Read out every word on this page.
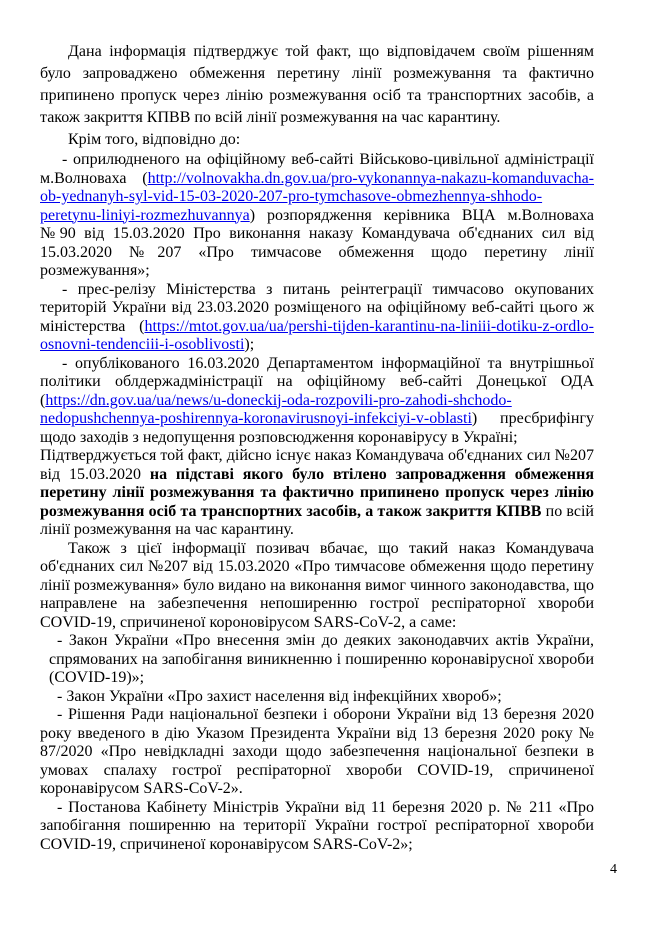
Дана інформація підтверджує той факт, що відповідачем своїм рішенням було запроваджено обмеження перетину лінії розмежування та фактично припинено пропуск через лінію розмежування осіб та транспортних засобів, а також закриття КПВВ по всій лінії розмежування на час карантину.

Крім того, відповідно до:

- оприлюдненого на офіційному веб-сайті Військово-цивільної адміністрації м.Волноваха (http://volnovakha.dn.gov.ua/pro-vykonannya-nakazu-komanduvacha-ob-yednanyh-syl-vid-15-03-2020-207-pro-tymchasove-obmezhennya-shhodo-peretynu-liniyi-rozmezhuvannya) розпорядження керівника ВЦА м.Волноваха №90 від 15.03.2020 Про виконання наказу Командувача об'єднаних сил від 15.03.2020 №207 «Про тимчасове обмеження щодо перетину лінії розмежування»;

- прес-релізу Міністерства з питань реінтеграції тимчасово окупованих територій України від 23.03.2020 розміщеного на офіційному веб-сайті цього ж міністерства (https://mtot.gov.ua/ua/pershi-tijden-karantinu-na-liniii-dotiku-z-ordlo-osnovni-tendenciii-i-osoblivosti);

- опублікованого 16.03.2020 Департаментом інформаційної та внутрішньої політики облдержадміністрації на офіційному веб-сайті Донецької ОДА (https://dn.gov.ua/ua/news/u-doneckij-oda-rozpovili-pro-zahodi-shchodo-nedopushchennya-poshirennya-koronavirusnoyi-infekciyi-v-oblasti) пресбрифінгу щодо заходів з недопущення розповсюдження коронавірусу в Україні;

Підтверджується той факт, дійсно існує наказ Командувача об'єднаних сил №207 від 15.03.2020 на підставі якого було втілено запровадження обмеження перетину лінії розмежування та фактично припинено пропуск через лінію розмежування осіб та транспортних засобів, а також закриття КПВВ по всій лінії розмежування на час карантину.

Також з цієї інформації позивач вбачає, що такий наказ Командувача об'єднаних сил №207 від 15.03.2020 «Про тимчасове обмеження щодо перетину лінії розмежування» було видано на виконання вимог чинного законодавства, що направлене на забезпечення непоширенню гострої респіраторної хвороби COVID-19, спричиненої короновірусом SARS-CoV-2, а саме:

- Закон України «Про внесення змін до деяких законодавчих актів України, спрямованих на запобігання виникненню і поширенню коронавірусної хвороби (COVID-19)»;

- Закон України «Про захист населення від інфекційних хвороб»;

- Рішення Ради національної безпеки і оборони України від 13 березня 2020 року введеного в дію Указом Президента України від 13 березня 2020 року № 87/2020 «Про невідкладні заходи щодо забезпечення національної безпеки в умовах спалаху гострої респіраторної хвороби COVID-19, спричиненої коронавірусом SARS-CoV-2».

- Постанова Кабінету Міністрів України від 11 березня 2020 р. № 211 «Про запобігання поширенню на території України гострої респіраторної хвороби COVID-19, спричиненої коронавірусом SARS-CoV-2»;

4
